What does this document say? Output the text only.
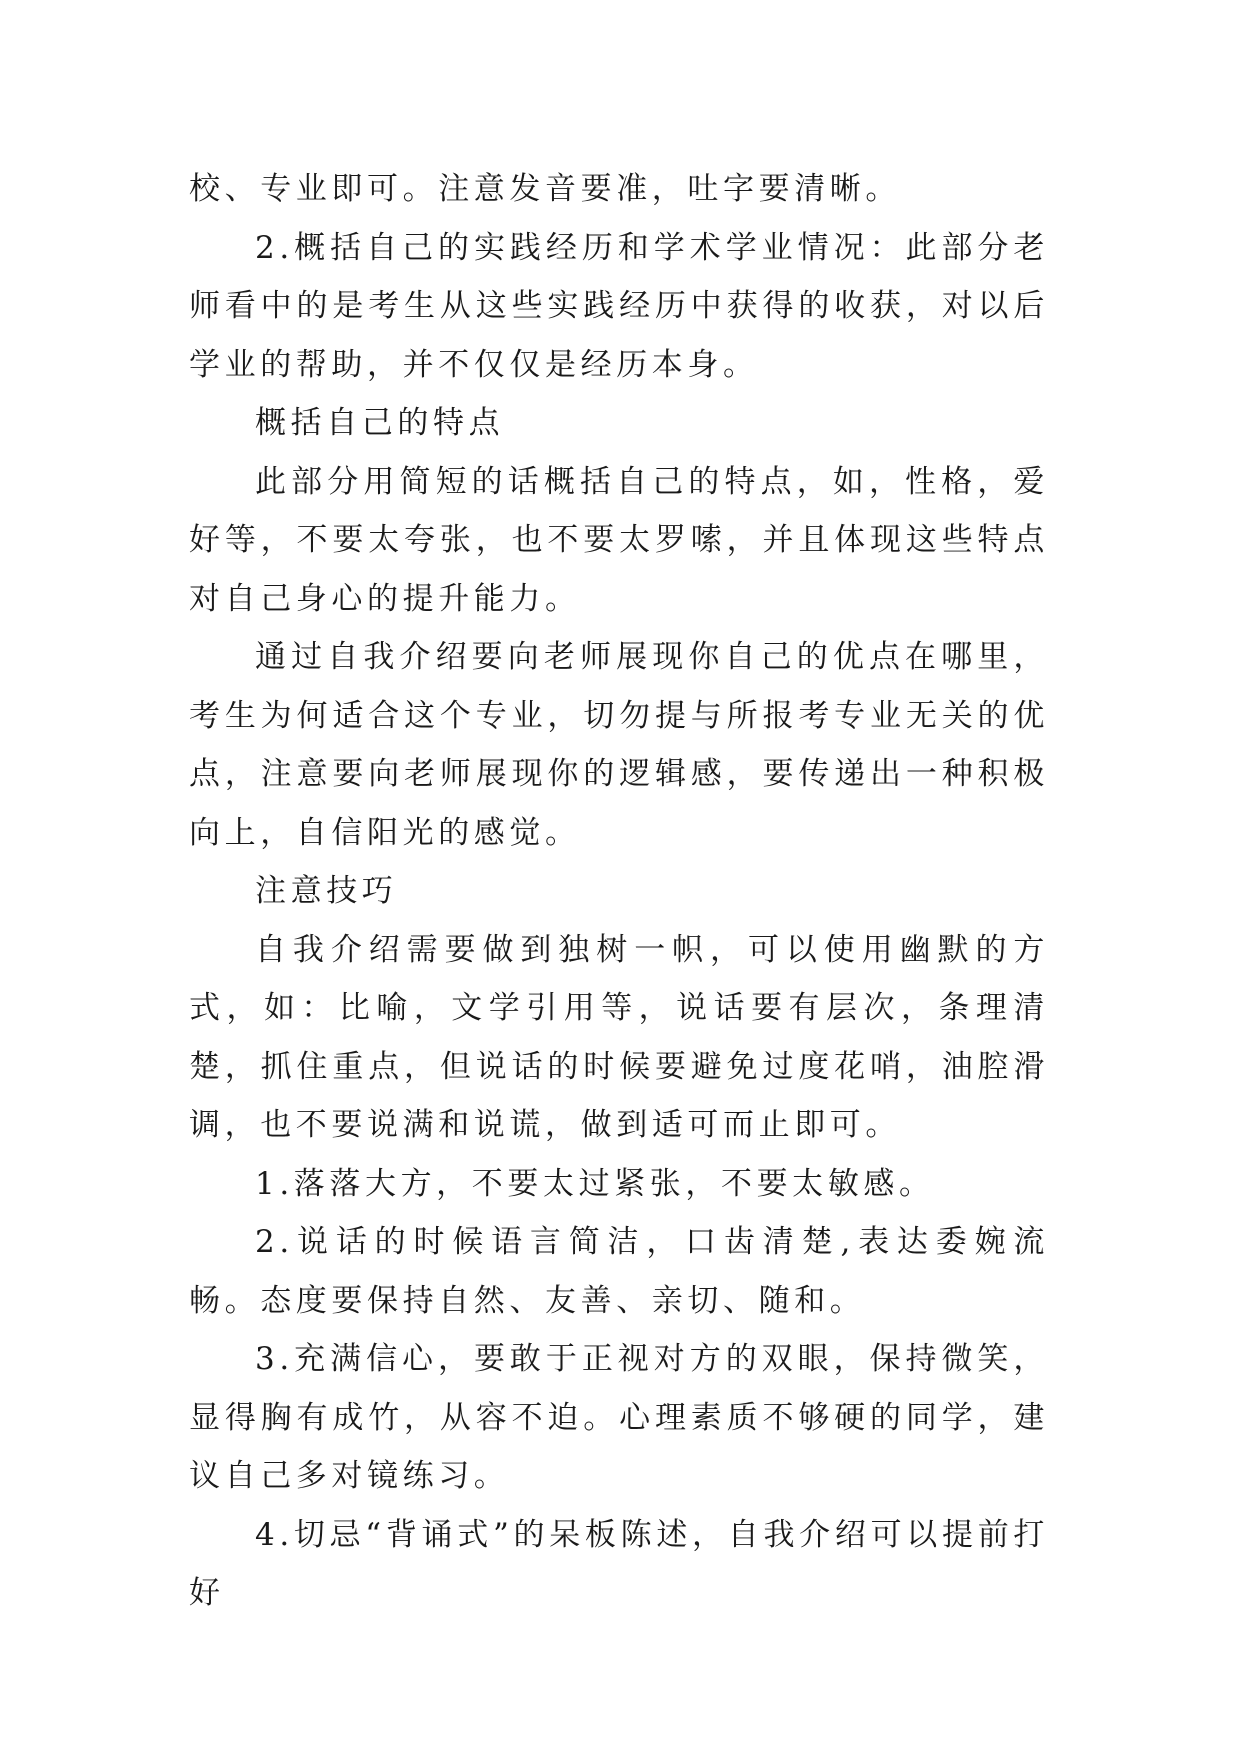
校、专业即可。注意发音要准，吐字要清晰。

2.概括自己的实践经历和学术学业情况：此部分老师看中的是考生从这些实践经历中获得的收获，对以后学业的帮助，并不仅仅是经历本身。

概括自己的特点

此部分用简短的话概括自己的特点，如，性格，爱好等，不要太夸张，也不要太罗嗦，并且体现这些特点对自己身心的提升能力。

通过自我介绍要向老师展现你自己的优点在哪里，考生为何适合这个专业，切勿提与所报考专业无关的优点，注意要向老师展现你的逻辑感，要传递出一种积极向上，自信阳光的感觉。

注意技巧

自我介绍需要做到独树一帜，可以使用幽默的方式，如：比喻，文学引用等，说话要有层次，条理清楚，抓住重点，但说话的时候要避免过度花哨，油腔滑调，也不要说满和说谎，做到适可而止即可。

1.落落大方，不要太过紧张，不要太敏感。

2.说话的时候语言简洁，口齿清楚,表达委婉流畅。态度要保持自然、友善、亲切、随和。

3.充满信心，要敢于正视对方的双眼，保持微笑，显得胸有成竹，从容不迫。心理素质不够硬的同学，建议自己多对镜练习。

4.切忌“背诵式”的呆板陈述，自我介绍可以提前打好
